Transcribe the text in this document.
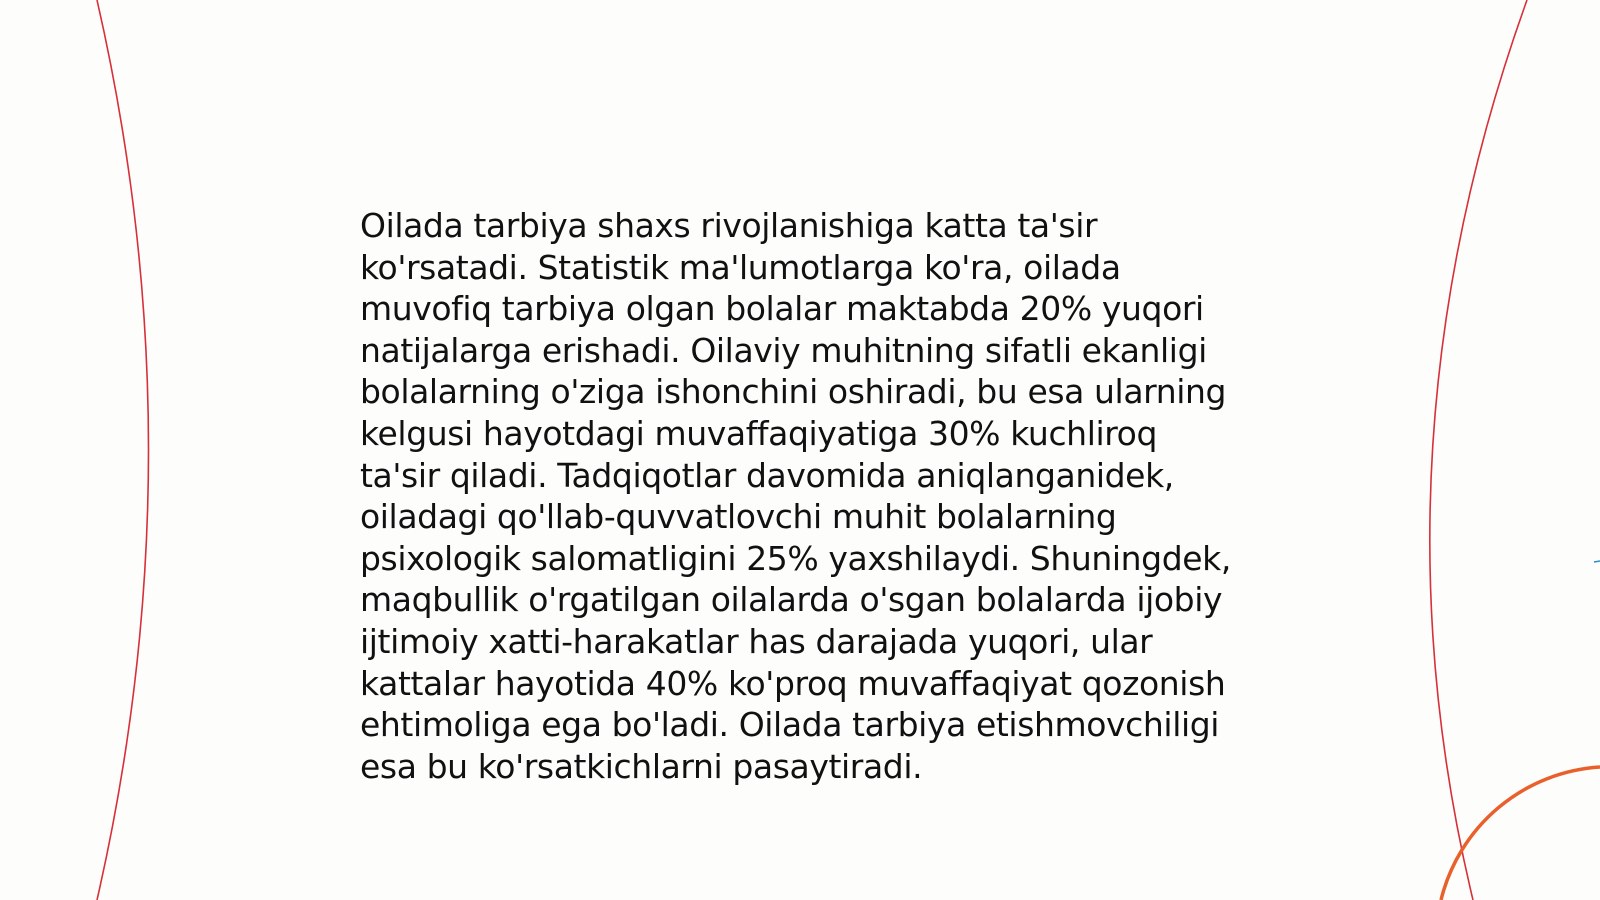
Oilada tarbiya shaxs rivojlanishiga katta ta'sir
ko'rsatadi. Statistik ma'lumotlarga ko'ra, oilada
muvofiq tarbiya olgan bolalar maktabda 20% yuqori
natijalarga erishadi. Oilaviy muhitning sifatli ekanligi
bolalarning o'ziga ishonchini oshiradi, bu esa ularning
kelgusi hayotdagi muvaffaqiyatiga 30% kuchliroq
ta'sir qiladi. Tadqiqotlar davomida aniqlanganidek,
oiladagi qo'llab-quvvatlovchi muhit bolalarning
psixologik salomatligini 25% yaxshilaydi. Shuningdek,
maqbullik o'rgatilgan oilalarda o'sgan bolalarda ijobiy
ijtimoiy xatti-harakatlar has darajada yuqori, ular
kattalar hayotida 40% ko'proq muvaffaqiyat qozonish
ehtimoliga ega bo'ladi. Oilada tarbiya etishmovchiligi
esa bu ko'rsatkichlarni pasaytiradi.
